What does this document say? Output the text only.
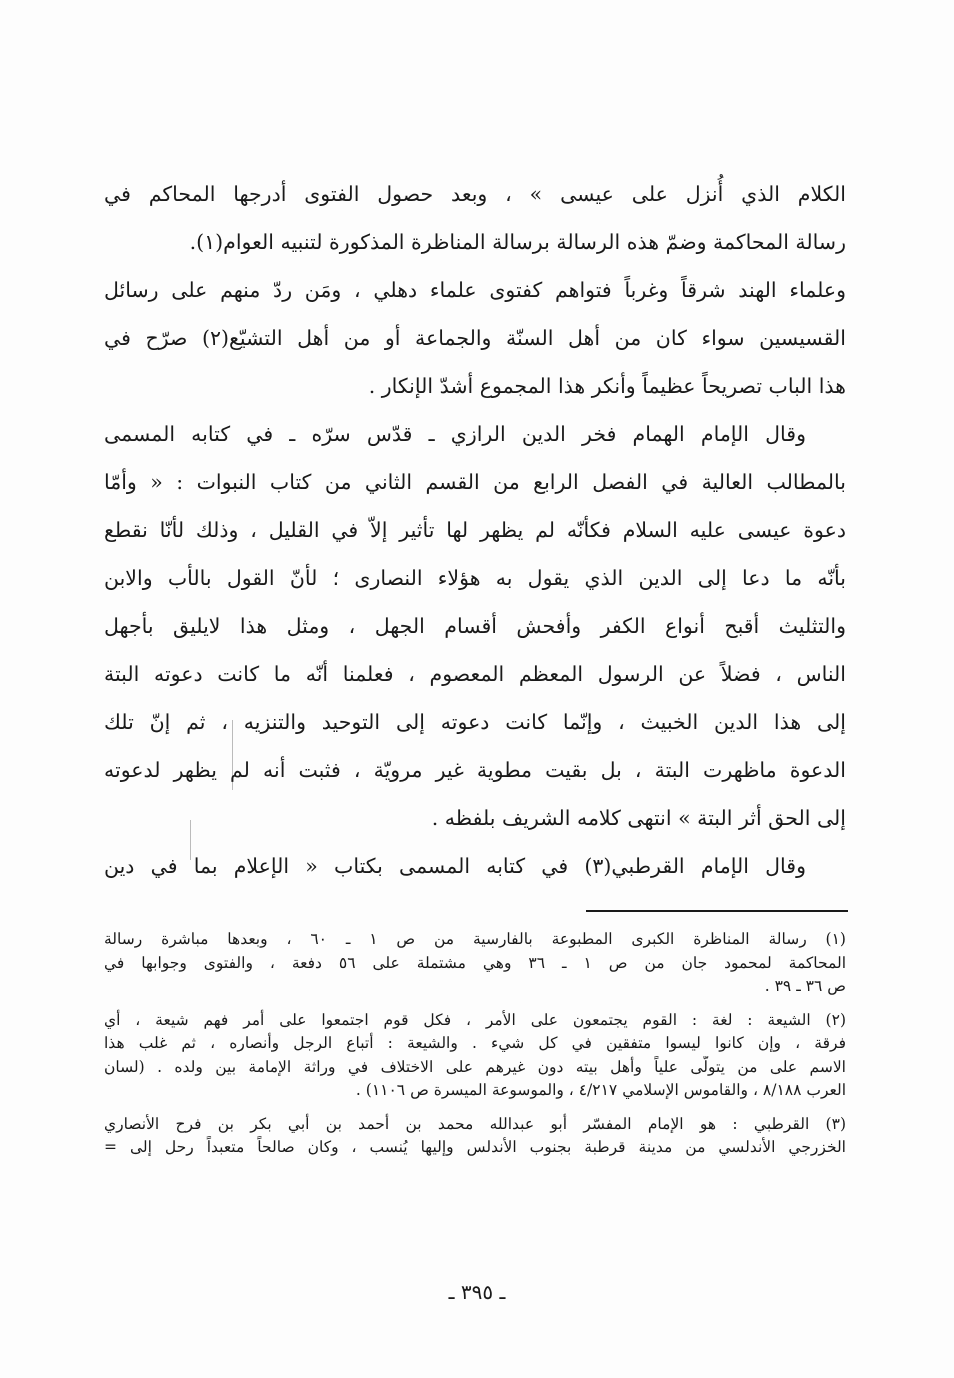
الكلام الذي أُنزل على عيسى » ، وبعد حصول الفتوى أدرجها المحاكم في
رسالة المحاكمة وضمّ هذه الرسالة برسالة المناظرة المذكورة لتنبيه العوام(١).
وعلماء الهند شرقاً وغرباً فتواهم كفتوى علماء دهلي ، ومَن ردّ منهم على رسائل
القسيسين سواء كان من أهل السنّة والجماعة أو من أهل التشيّع(٢) صرّح في
هذا الباب تصريحاً عظيماً وأنكر هذا المجموع أشدّ الإنكار .
وقال الإمام الهمام فخر الدين الرازي ـ قدّس سرّه ـ في كتابه المسمى
بالمطالب العالية في الفصل الرابع من القسم الثاني من كتاب النبوات : « وأمّا
دعوة عيسى عليه السلام فكأنّه لم يظهر لها تأثير إلاّ في القليل ، وذلك لأنّا نقطع
بأنّه ما دعا إلى الدين الذي يقول به هؤلاء النصارى ؛ لأنّ القول بالأب والابن
والتثليث أقبح أنواع الكفر وأفحش أقسام الجهل ، ومثل هذا لايليق بأجهل
الناس ، فضلاً عن الرسول المعظم المعصوم ، فعلمنا أنّه ما كانت دعوته البتة
إلى هذا الدين الخبيث ، وإنّما كانت دعوته إلى التوحيد والتنزيه ، ثم إنّ تلك
الدعوة ماظهرت البتة ، بل بقيت مطوية غير مرويّة ، فثبت أنه لم يظهر لدعوته
إلى الحق أثر البتة » انتهى كلامه الشريف بلفظه .
وقال الإمام القرطبي(٣) في كتابه المسمى بكتاب « الإعلام بما في دين
(١) رسالة المناظرة الكبرى المطبوعة بالفارسية من ص ١ ـ ٦٠ ، وبعدها مباشرة رسالة
المحاكمة لمحمود جان من ص ١ ـ ٣٦ وهي مشتملة على ٥٦ دفعة ، والفتوى وجوابها في
ص ٣٦ ـ ٣٩ .
(٢) الشيعة : لغة : القوم يجتمعون على الأمر ، فكل قوم اجتمعوا على أمر فهم شيعة ، أي
فرقة ، وإن كانوا ليسوا متفقين في كل شيء . والشيعة : أتباع الرجل وأنصاره ، ثم غلب هذا
الاسم على من يتولّى علياً وأهل بيته دون غيرهم على الاختلاف في وراثة الإمامة بين ولده . (لسان
العرب ٨/١٨٨ ، والقاموس الإسلامي ٤/٢١٧ ، والموسوعة الميسرة ص ١١٠٦) .
(٣) القرطبي : هو الإمام المفسّر أبو عبدالله محمد بن أحمد بن أبي بكر بن فرح الأنصاري
الخزرجي الأندلسي من مدينة قرطبة بجنوب الأندلس وإليها يُنسب ، وكان صالحاً متعبداً رحل إلى =
ـ ٣٩٥ ـ
